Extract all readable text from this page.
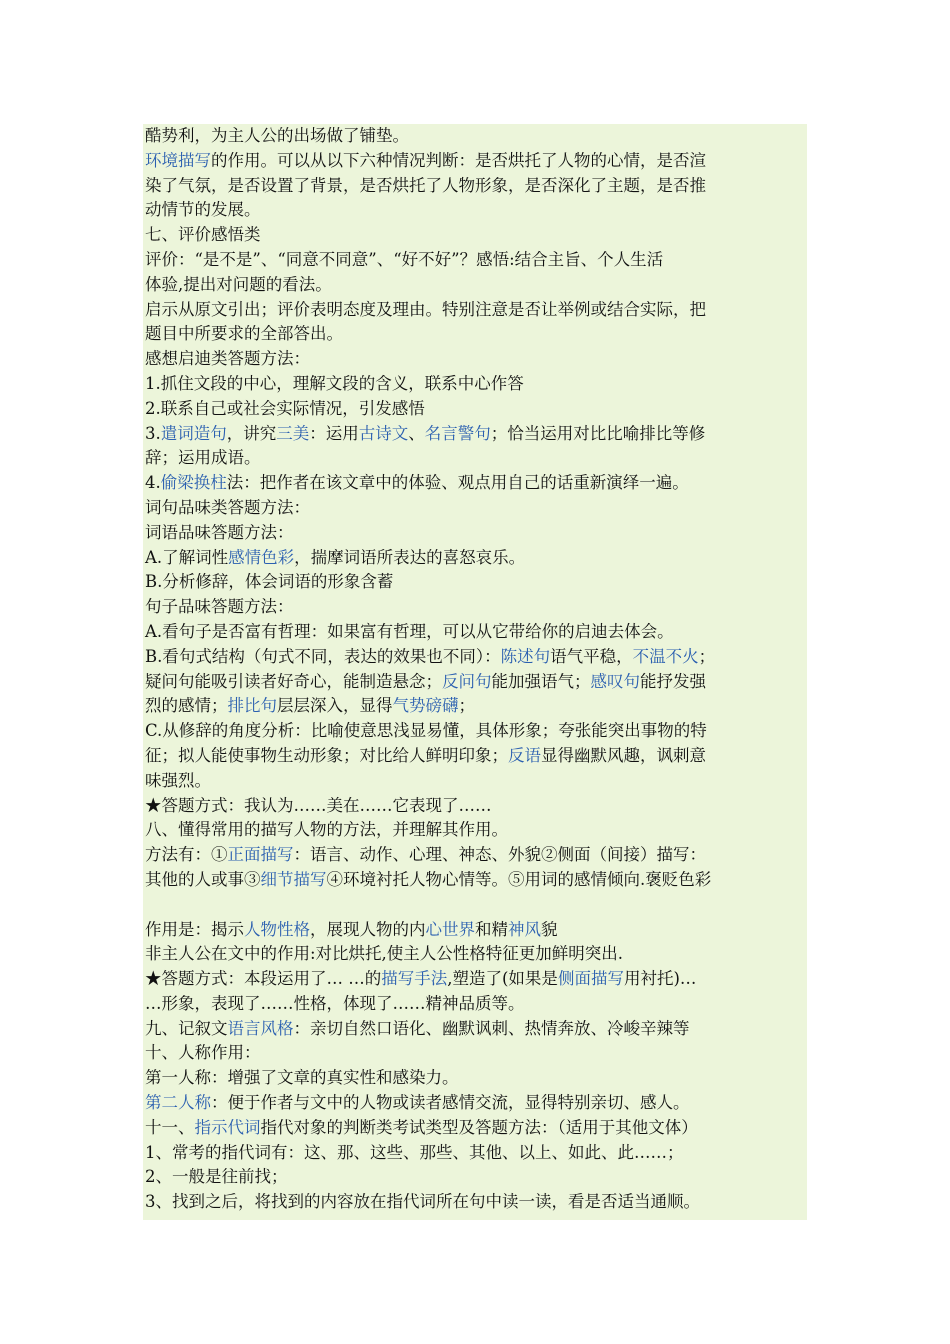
酷势利，为主人公的出场做了铺垫。
环境描写的作用。可以从以下六种情况判断：是否烘托了人物的心情，是否渲
染了气氛，是否设置了背景，是否烘托了人物形象，是否深化了主题，是否推
动情节的发展。
七、评价感悟类
评价：“是不是”、“同意不同意”、“好不好”？感悟:结合主旨、个人生活
体验,提出对问题的看法。
启示从原文引出；评价表明态度及理由。特别注意是否让举例或结合实际，把
题目中所要求的全部答出。
感想启迪类答题方法：
1.抓住文段的中心，理解文段的含义，联系中心作答
2.联系自己或社会实际情况，引发感悟
3.遣词造句，讲究三美：运用古诗文、名言警句；恰当运用对比比喻排比等修
辞；运用成语。
4.偷梁换柱法：把作者在该文章中的体验、观点用自己的话重新演绎一遍。
词句品味类答题方法：
词语品味答题方法：
A.了解词性感情色彩，揣摩词语所表达的喜怒哀乐。
B.分析修辞，体会词语的形象含蓄
句子品味答题方法：
A.看句子是否富有哲理：如果富有哲理，可以从它带给你的启迪去体会。
B.看句式结构（句式不同，表达的效果也不同）：陈述句语气平稳，不温不火；
疑问句能吸引读者好奇心，能制造悬念；反问句能加强语气；感叹句能抒发强
烈的感情；排比句层层深入，显得气势磅礴；
C.从修辞的角度分析：比喻使意思浅显易懂，具体形象；夸张能突出事物的特
征；拟人能使事物生动形象；对比给人鲜明印象；反语显得幽默风趣，讽刺意
味强烈。
★答题方式：我认为……美在……它表现了……
八、懂得常用的描写人物的方法，并理解其作用。
方法有：①正面描写：语言、动作、心理、神态、外貌②侧面（间接）描写：
其他的人或事③细节描写④环境衬托人物心情等。⑤用词的感情倾向.褒贬色彩
作用是：揭示人物性格，展现人物的内心世界和精神风貌
非主人公在文中的作用:对比烘托,使主人公性格特征更加鲜明突出.
★答题方式：本段运用了… …的描写手法,塑造了(如果是侧面描写用衬托)…
…形象，表现了……性格，体现了……精神品质等。
九、记叙文语言风格：亲切自然口语化、幽默讽刺、热情奔放、冷峻辛辣等
十、人称作用：
第一人称：增强了文章的真实性和感染力。
第二人称：便于作者与文中的人物或读者感情交流，显得特别亲切、感人。
十一、指示代词指代对象的判断类考试类型及答题方法：（适用于其他文体）
1、常考的指代词有：这、那、这些、那些、其他、以上、如此、此……；
2、一般是往前找；
3、找到之后，将找到的内容放在指代词所在句中读一读，看是否适当通顺。
